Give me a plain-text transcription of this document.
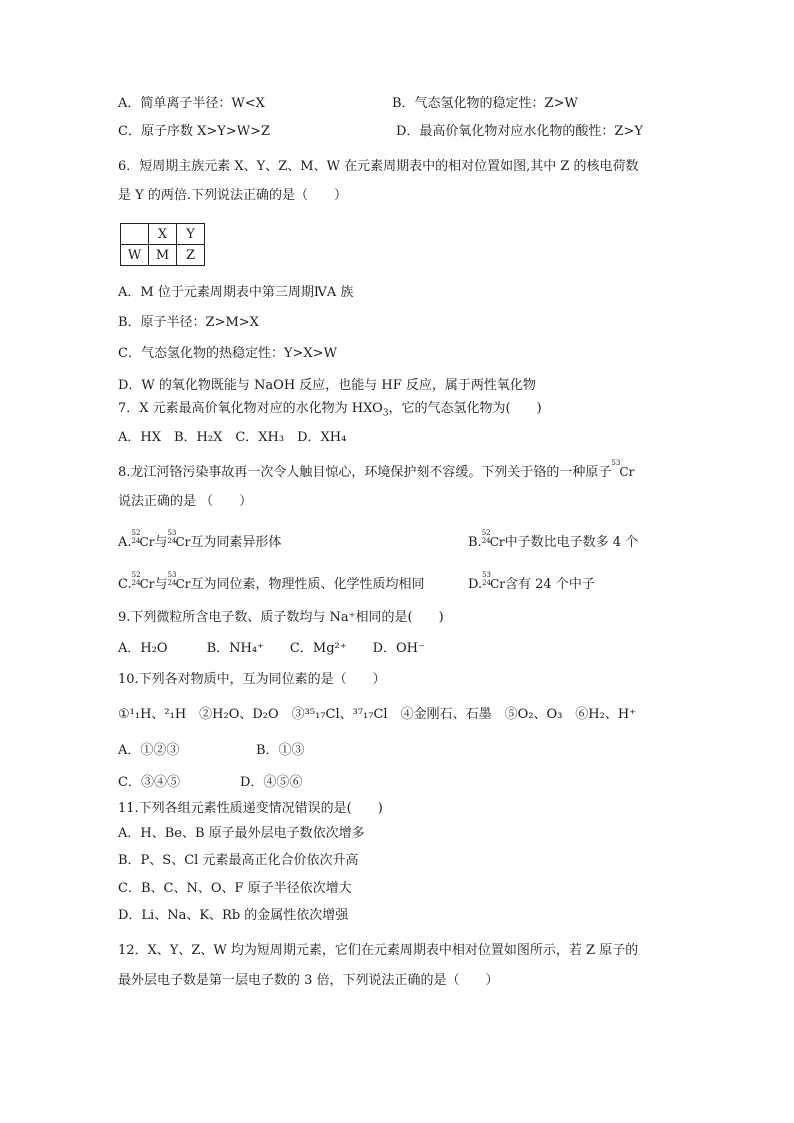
A．简单离子半径：W<X	B．气态氢化物的稳定性：Z>W
C．原子序数 X>Y>W>Z	D．最高价氧化物对应水化物的酸性：Z>Y
6．短周期主族元素 X、Y、Z、M、W 在元素周期表中的相对位置如图,其中 Z 的核电荷数
是 Y 的两倍.下列说法正确的是（　　）
	X	Y
W	M	Z
A．M 位于元素周期表中第三周期ⅣA 族
B．原子半径：Z>M>X
C．气态氢化物的热稳定性：Y>X>W
D．W 的氧化物既能与 NaOH 反应，也能与 HF 反应，属于两性氧化物
7．X 元素最高价氧化物对应的水化物为 $HXO_3$，它的气态氢化物为(　　)
A．HX　B．H₂X　C．XH₃　D．XH₄
8.龙江河铬污染事故再一次令人触目惊心，环境保护刻不容缓。下列关于铬的一种原子
53
Cr
说法正确的是 （　　）
A.
52
24 Cr与
53
24 Cr互为同素异形体	B.
52
24 Cr中子数比电子数多 4 个
C.
52
24 Cr与
53
24 Cr互为同位素，物理性质、化学性质均相同	D.
53
24 Cr含有 24 个中子
9.下列微粒所含电子数、质子数均与 Na⁺相同的是(　　)
A．H₂O　　　B．NH₄⁺　　C．Mg²⁺　　D．OH⁻
10.下列各对物质中，互为同位素的是（　　）
①¹₁H、²₁H　②H₂O、D₂O　③³⁵₁₇Cl、³⁷₁₇Cl　④金刚石、石墨　⑤O₂、O₃　⑥H₂、H⁺
A．①②③	B．①③
C．③④⑤	D．④⑤⑥
11.下列各组元素性质递变情况错误的是(　　)
A．H、Be、B 原子最外层电子数依次增多
B．P、S、Cl 元素最高正化合价依次升高
C．B、C、N、O、F 原子半径依次增大
D．Li、Na、K、Rb 的金属性依次增强
12．X、Y、Z、W 均为短周期元素，它们在元素周期表中相对位置如图所示，若 Z 原子的
最外层电子数是第一层电子数的 3 倍，下列说法正确的是（　　）
